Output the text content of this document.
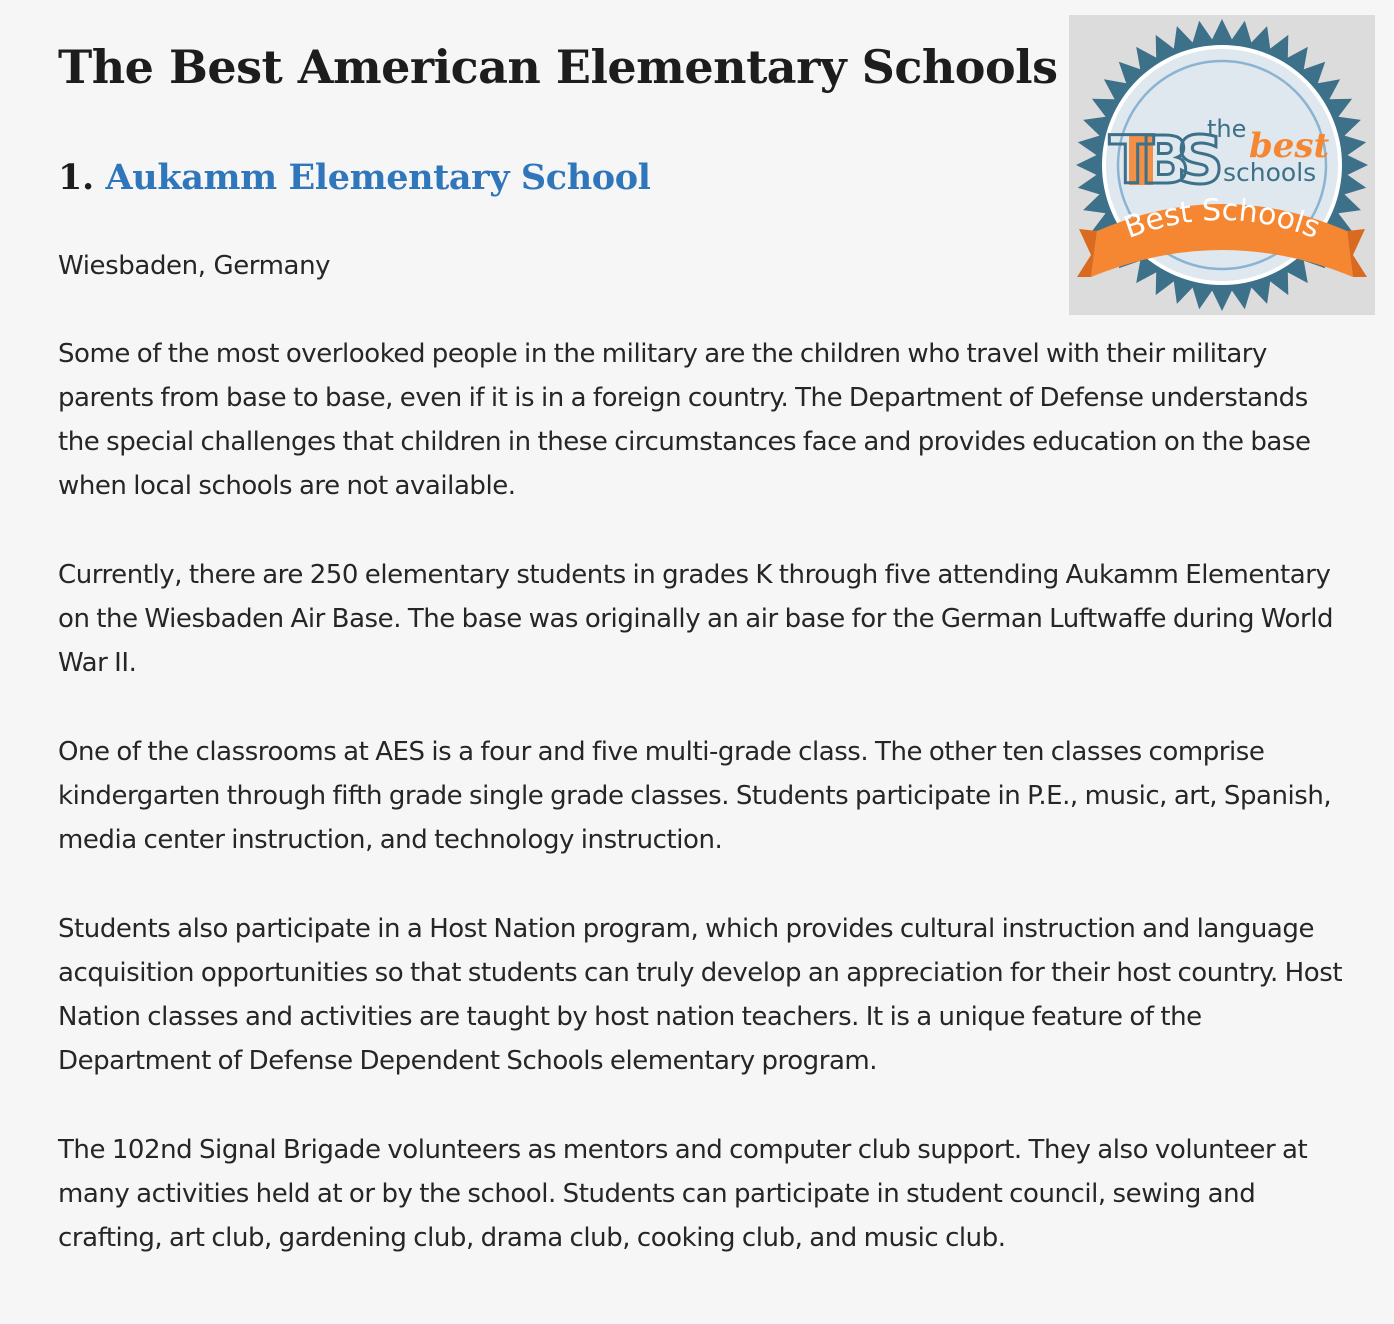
The Best American Elementary Schools
1. Aukamm Elementary School

Wiesbaden, Germany

Some of the most overlooked people in the military are the children who travel with their military parents from base to base, even if it is in a foreign country. The Department of Defense understands the special challenges that children in these circumstances face and provides education on the base when local schools are not available.

Currently, there are 250 elementary students in grades K through five attending Aukamm Elementary on the Wiesbaden Air Base. The base was originally an air base for the German Luftwaffe during World War II.

One of the classrooms at AES is a four and five multi-grade class. The other ten classes comprise kindergarten through fifth grade single grade classes. Students participate in P.E., music, art, Spanish, media center instruction, and technology instruction.

Students also participate in a Host Nation program, which provides cultural instruction and language acquisition opportunities so that students can truly develop an appreciation for their host country. Host Nation classes and activities are taught by host nation teachers. It is a unique feature of the Department of Defense Dependent Schools elementary program.

The 102nd Signal Brigade volunteers as mentors and computer club support. They also volunteer at many activities held at or by the school. Students can participate in student council, sewing and crafting, art club, gardening club, drama club, cooking club, and music club.

TBS
the best
schools
Best Schools
